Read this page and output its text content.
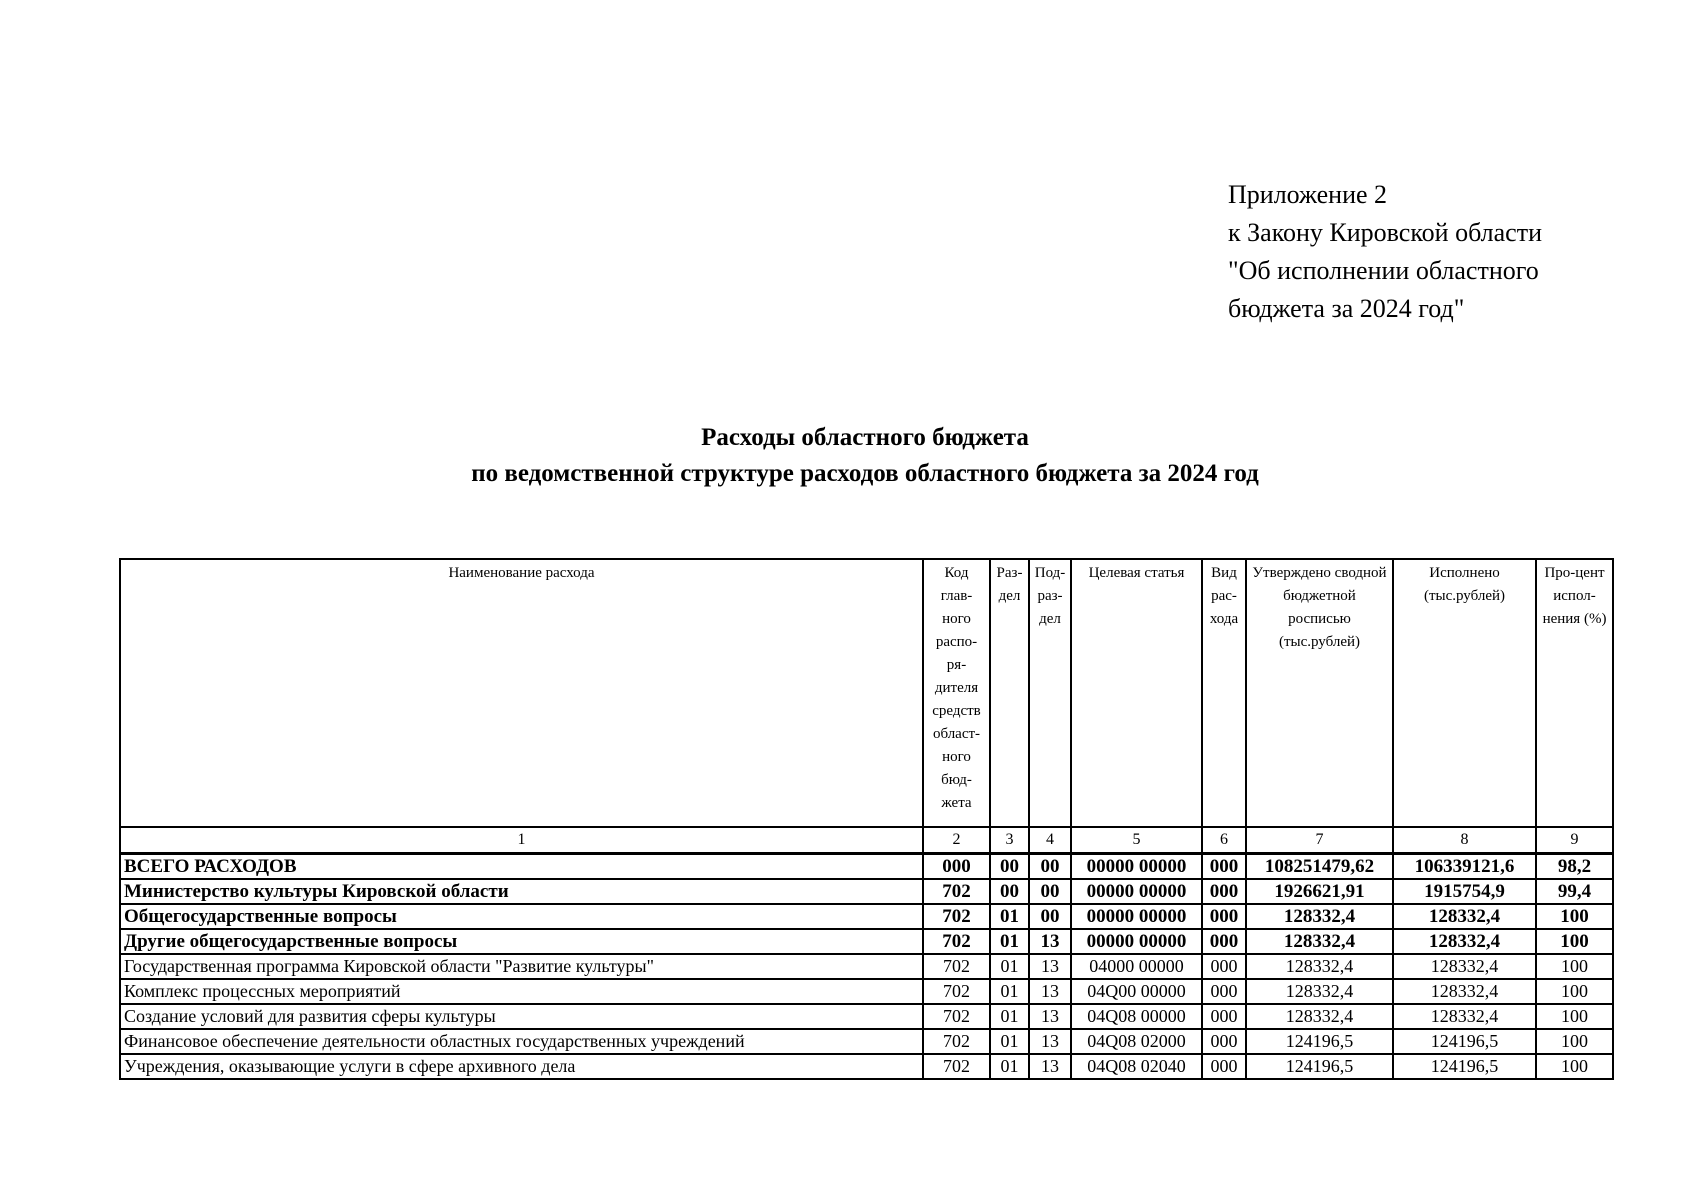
Приложение 2
к Закону Кировской области
"Об исполнении областного
бюджета за 2024 год"
Расходы областного бюджета
по ведомственной структуре расходов областного бюджета за 2024 год
Наименование расхода	Код глав-ного распо-ря-дителя средств област-ного бюд-жета	Раз-дел	Под-раз-дел	Целевая статья	Вид рас-хода	Утверждено сводной бюджетной росписью (тыс.рублей)	Исполнено (тыс.рублей)	Про-цент испол-нения (%)
1	2	3	4	5	6	7	8	9
ВСЕГО РАСХОДОВ	000	00	00	00000 00000	000	108251479,62	106339121,6	98,2
Министерство культуры Кировской области	702	00	00	00000 00000	000	1926621,91	1915754,9	99,4
Общегосударственные вопросы	702	01	00	00000 00000	000	128332,4	128332,4	100
Другие общегосударственные вопросы	702	01	13	00000 00000	000	128332,4	128332,4	100
Государственная программа Кировской области "Развитие культуры"	702	01	13	04000 00000	000	128332,4	128332,4	100
Комплекс процессных мероприятий	702	01	13	04Q00 00000	000	128332,4	128332,4	100
Создание условий для развития сферы культуры	702	01	13	04Q08 00000	000	128332,4	128332,4	100
Финансовое обеспечение деятельности областных государственных учреждений	702	01	13	04Q08 02000	000	124196,5	124196,5	100
Учреждения, оказывающие услуги в сфере архивного дела	702	01	13	04Q08 02040	000	124196,5	124196,5	100
